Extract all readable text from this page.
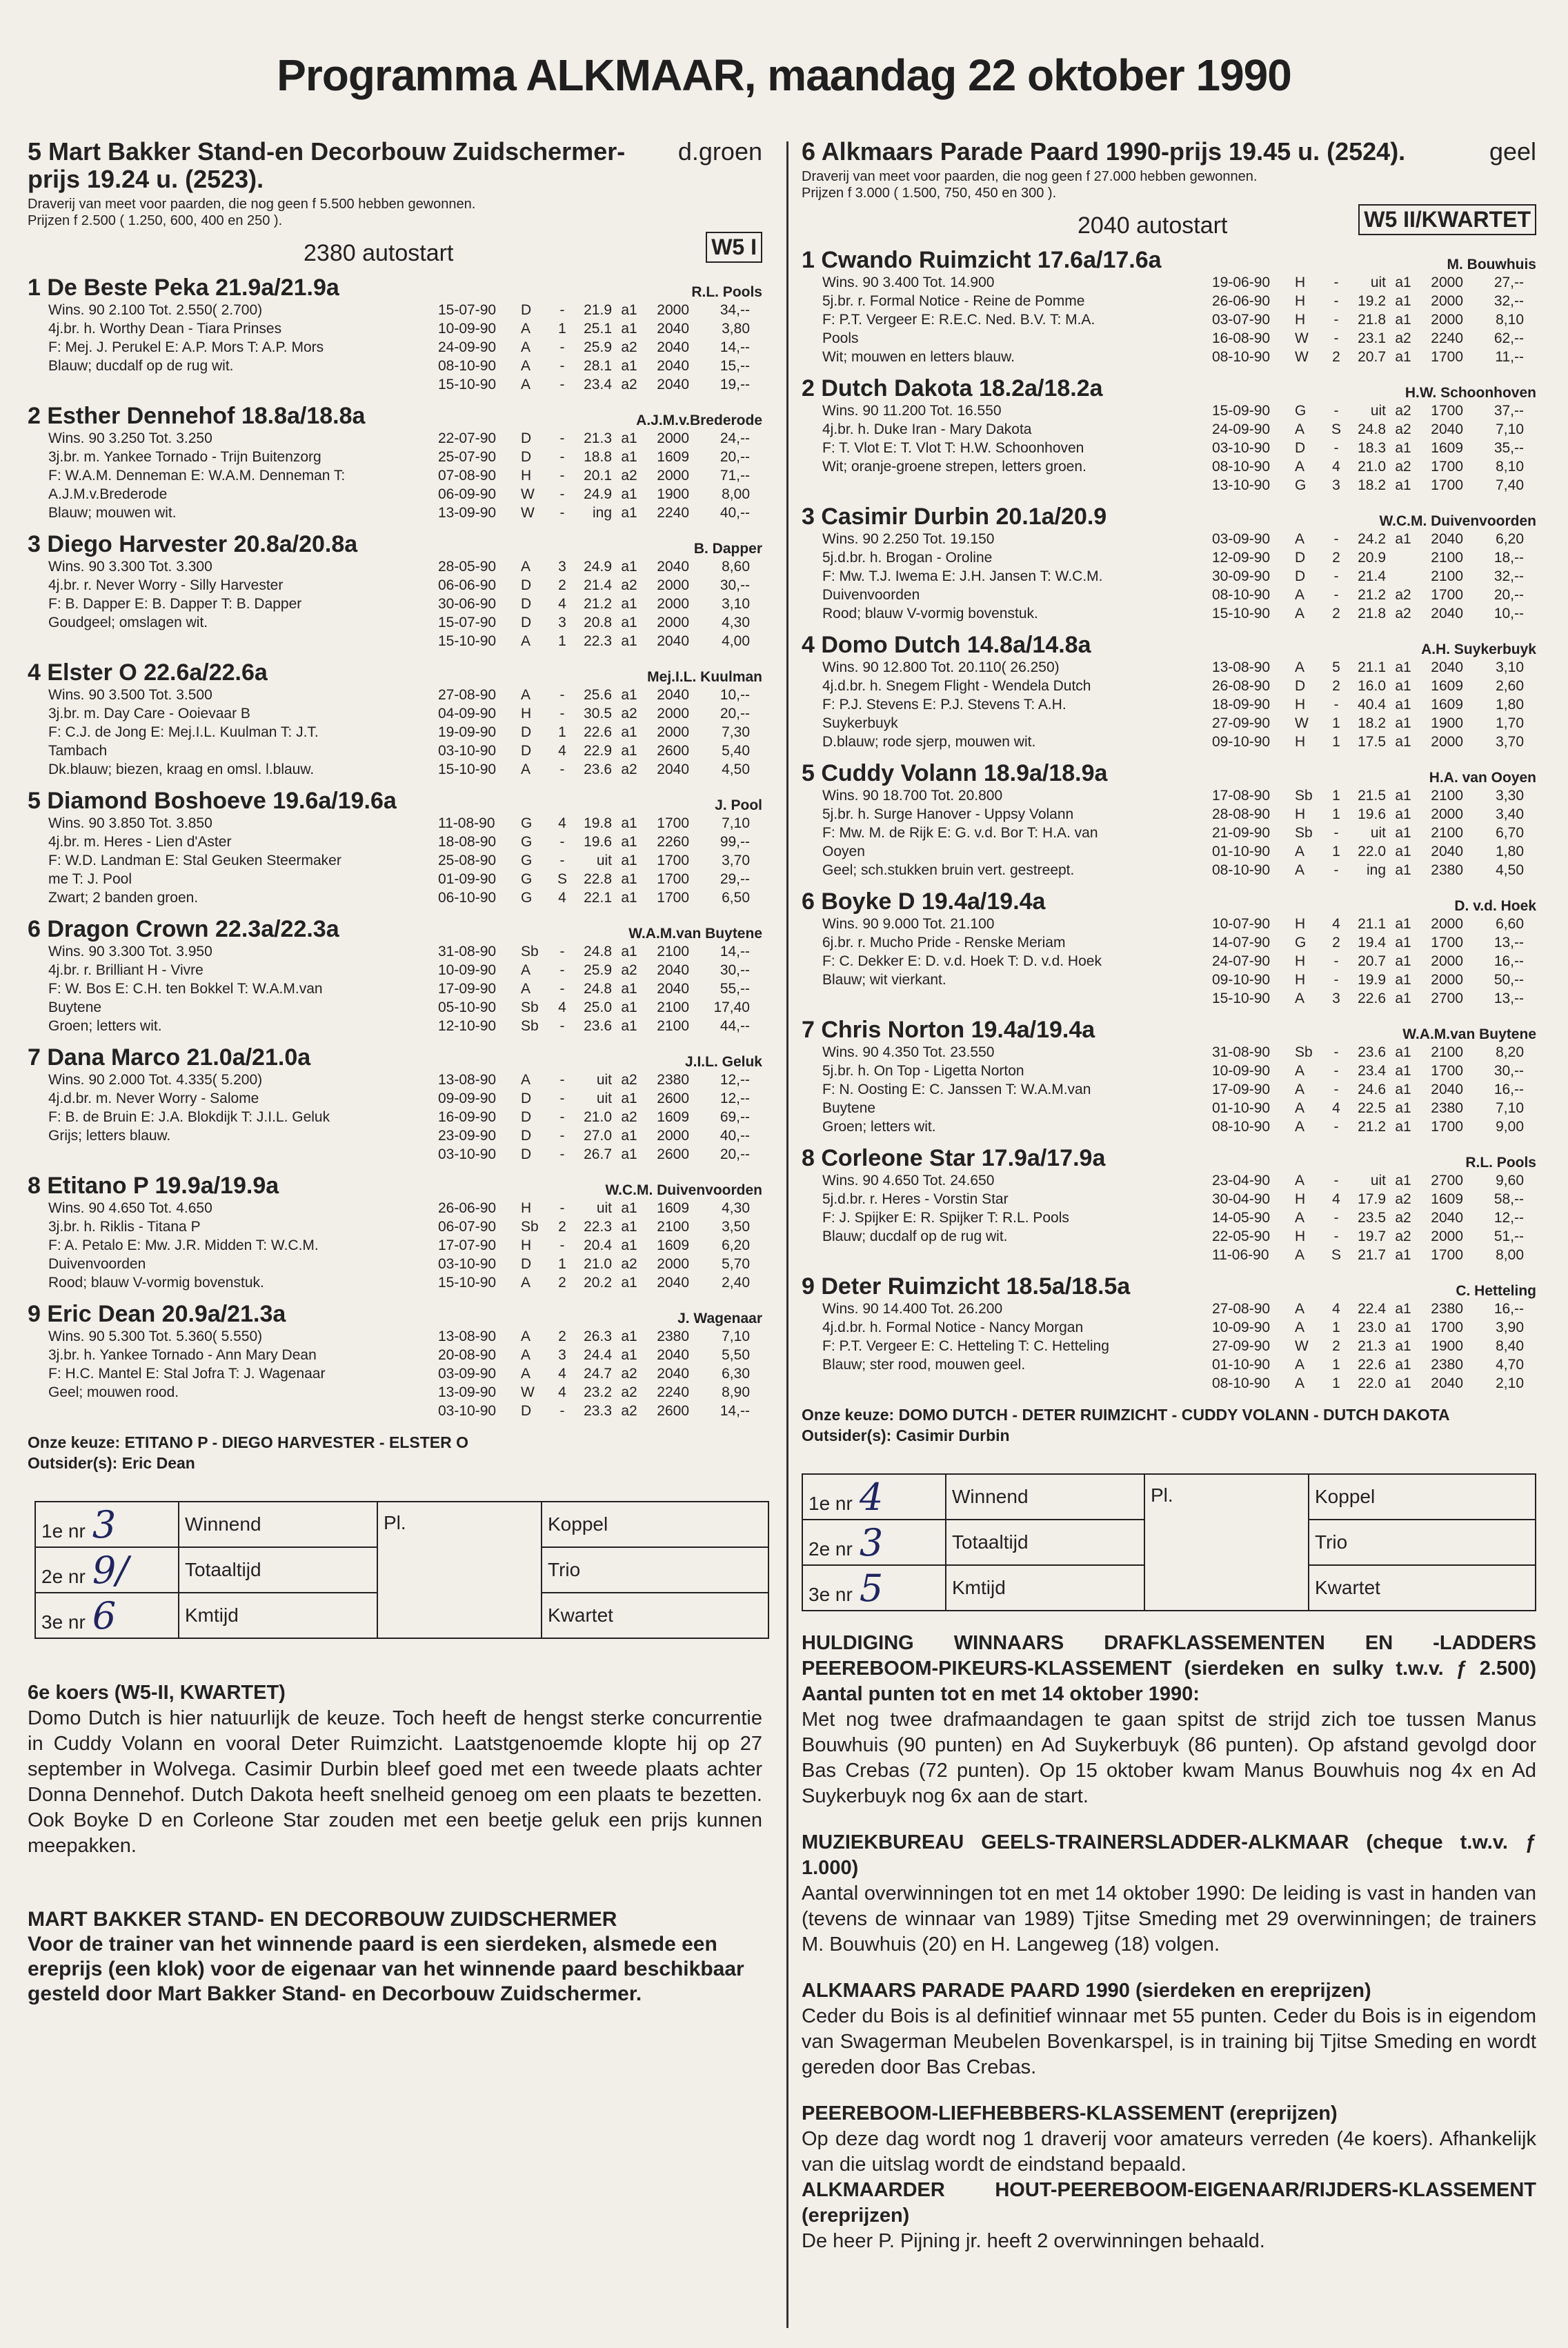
Programma ALKMAAR, maandag 22 oktober 1990
5 Mart Bakker Stand-en Decorbouw Zuidschermer-prijs 19.24 u. (2523).
d.groen
Draverij van meet voor paarden, die nog geen f 5.500 hebben gewonnen.
Prijzen f 2.500 ( 1.250, 600, 400 en 250 ).
2380 autostart	W5 I
1 De Beste Peka 21.9a/21.9a	R.L. Pools
Wins. 90 2.100 Tot. 2.550( 2.700)
4j.br. h. Worthy Dean - Tiara Prinses
F: Mej. J. Perukel E: A.P. Mors T: A.P. Mors
Blauw; ducdalf op de rug wit.
15-07-90	D	-	21.9 a1	2000	34,--
10-09-90	A	1	25.1 a1	2040	3,80
24-09-90	A	-	25.9 a2	2040	14,--
08-10-90	A	-	28.1 a1	2040	15,--
15-10-90	A	-	23.4 a2	2040	19,--
2 Esther Dennehof 18.8a/18.8a	A.J.M.v.Brederode
Wins. 90 3.250 Tot. 3.250
3j.br. m. Yankee Tornado - Trijn Buitenzorg
F: W.A.M. Denneman E: W.A.M. Denneman T:
A.J.M.v.Brederode
Blauw; mouwen wit.
22-07-90	D	-	21.3 a1	2000	24,--
25-07-90	D	-	18.8 a1	1609	20,--
07-08-90	H	-	20.1 a2	2000	71,--
06-09-90	W	-	24.9 a1	1900	8,00
13-09-90	W	-	ing a1	2240	40,--
3 Diego Harvester 20.8a/20.8a	B. Dapper
Wins. 90 3.300 Tot. 3.300
4j.br. r. Never Worry - Silly Harvester
F: B. Dapper E: B. Dapper T: B. Dapper
Goudgeel; omslagen wit.
28-05-90	A	3	24.9 a1	2040	8,60
06-06-90	D	2	21.4 a2	2000	30,--
30-06-90	D	4	21.2 a1	2000	3,10
15-07-90	D	3	20.8 a1	2000	4,30
15-10-90	A	1	22.3 a1	2040	4,00
4 Elster O 22.6a/22.6a	Mej.I.L. Kuulman
Wins. 90 3.500 Tot. 3.500
3j.br. m. Day Care - Ooievaar B
F: C.J. de Jong E: Mej.I.L. Kuulman T: J.T.
Tambach
Dk.blauw; biezen, kraag en omsl. l.blauw.
27-08-90	A	-	25.6 a1	2040	10,--
04-09-90	H	-	30.5 a2	2000	20,--
19-09-90	D	1	22.6 a1	2000	7,30
03-10-90	D	4	22.9 a1	2600	5,40
15-10-90	A	-	23.6 a2	2040	4,50
5 Diamond Boshoeve 19.6a/19.6a	J. Pool
Wins. 90 3.850 Tot. 3.850
4j.br. m. Heres - Lien d'Aster
F: W.D. Landman E: Stal Geuken Steermaker
me T: J. Pool
Zwart; 2 banden groen.
11-08-90	G	4	19.8 a1	1700	7,10
18-08-90	G	-	19.6 a1	2260	99,--
25-08-90	G	-	uit a1	1700	3,70
01-09-90	G	S	22.8 a1	1700	29,--
06-10-90	G	4	22.1 a1	1700	6,50
6 Dragon Crown 22.3a/22.3a	W.A.M.van Buytene
Wins. 90 3.300 Tot. 3.950
4j.br. r. Brilliant H - Vivre
F: W. Bos E: C.H. ten Bokkel T: W.A.M.van
Buytene
Groen; letters wit.
31-08-90	Sb	-	24.8 a1	2100	14,--
10-09-90	A	-	25.9 a2	2040	30,--
17-09-90	A	-	24.8 a1	2040	55,--
05-10-90	Sb	4	25.0 a1	2100	17,40
12-10-90	Sb	-	23.6 a1	2100	44,--
7 Dana Marco 21.0a/21.0a	J.I.L. Geluk
Wins. 90 2.000 Tot. 4.335( 5.200)
4j.d.br. m. Never Worry - Salome
F: B. de Bruin E: J.A. Blokdijk T: J.I.L. Geluk
Grijs; letters blauw.
13-08-90	A	-	uit a2	2380	12,--
09-09-90	D	-	uit a1	2600	12,--
16-09-90	D	-	21.0 a2	1609	69,--
23-09-90	D	-	27.0 a1	2000	40,--
03-10-90	D	-	26.7 a1	2600	20,--
8 Etitano P 19.9a/19.9a	W.C.M. Duivenvoorden
Wins. 90 4.650 Tot. 4.650
3j.br. h. Riklis - Titana P
F: A. Petalo E: Mw. J.R. Midden T: W.C.M.
Duivenvoorden
Rood; blauw V-vormig bovenstuk.
26-06-90	H	-	uit a1	1609	4,30
06-07-90	Sb	2	22.3 a1	2100	3,50
17-07-90	H	-	20.4 a1	1609	6,20
03-10-90	D	1	21.0 a2	2000	5,70
15-10-90	A	2	20.2 a1	2040	2,40
9 Eric Dean 20.9a/21.3a	J. Wagenaar
Wins. 90 5.300 Tot. 5.360( 5.550)
3j.br. h. Yankee Tornado - Ann Mary Dean
F: H.C. Mantel E: Stal Jofra T: J. Wagenaar
Geel; mouwen rood.
13-08-90	A	2	26.3 a1	2380	7,10
20-08-90	A	3	24.4 a1	2040	5,50
03-09-90	A	4	24.7 a2	2040	6,30
13-09-90	W	4	23.2 a2	2240	8,90
03-10-90	D	-	23.3 a2	2600	14,--
Onze keuze: ETITANO P - DIEGO HARVESTER - ELSTER O
Outsider(s): Eric Dean
1e nr 3	Winnend	Pl.	Koppel
2e nr 9/	Totaaltijd		Trio
3e nr 6	Kmtijd		Kwartet
6e koers (W5-II, KWARTET)
Domo Dutch is hier natuurlijk de keuze. Toch heeft de hengst sterke concurrentie in Cuddy Volann en vooral Deter Ruimzicht. Laatstgenoemde klopte hij op 27 september in Wolvega. Casimir Durbin bleef goed met een tweede plaats achter Donna Dennehof. Dutch Dakota heeft snelheid genoeg om een plaats te bezetten. Ook Boyke D en Corleone Star zouden met een beetje geluk een prijs kunnen meepakken.
MART BAKKER STAND- EN DECORBOUW ZUIDSCHERMER
Voor de trainer van het winnende paard is een sierdeken, alsmede een ereprijs (een klok) voor de eigenaar van het winnende paard beschikbaar gesteld door Mart Bakker Stand- en Decorbouw Zuidschermer.
6 Alkmaars Parade Paard 1990-prijs 19.45 u. (2524).	geel
Draverij van meet voor paarden, die nog geen f 27.000 hebben gewonnen.
Prijzen f 3.000 ( 1.500, 750, 450 en 300 ).
2040 autostart	W5 II/KWARTET
1 Cwando Ruimzicht 17.6a/17.6a	M. Bouwhuis
Wins. 90 3.400 Tot. 14.900
5j.br. r. Formal Notice - Reine de Pomme
F: P.T. Vergeer E: R.E.C. Ned. B.V. T: M.A.
Pools
Wit; mouwen en letters blauw.
19-06-90	H	-	uit a1	2000	27,--
26-06-90	H	-	19.2 a1	2000	32,--
03-07-90	H	-	21.8 a1	2000	8,10
16-08-90	W	-	23.1 a2	2240	62,--
08-10-90	W	2	20.7 a1	1700	11,--
2 Dutch Dakota 18.2a/18.2a	H.W. Schoonhoven
Wins. 90 11.200 Tot. 16.550
4j.br. h. Duke Iran - Mary Dakota
F: T. Vlot E: T. Vlot T: H.W. Schoonhoven
Wit; oranje-groene strepen, letters groen.
15-09-90	G	-	uit a2	1700	37,--
24-09-90	A	S	24.8 a2	2040	7,10
03-10-90	D	-	18.3 a1	1609	35,--
08-10-90	A	4	21.0 a2	1700	8,10
13-10-90	G	3	18.2 a1	1700	7,40
3 Casimir Durbin 20.1a/20.9	W.C.M. Duivenvoorden
Wins. 90 2.250 Tot. 19.150
5j.d.br. h. Brogan - Oroline
F: Mw. T.J. Iwema E: J.H. Jansen T: W.C.M.
Duivenvoorden
Rood; blauw V-vormig bovenstuk.
03-09-90	A	-	24.2 a1	2040	6,20
12-09-90	D	2	20.9	2100	18,--
30-09-90	D	-	21.4	2100	32,--
08-10-90	A	-	21.2 a2	1700	20,--
15-10-90	A	2	21.8 a2	2040	10,--
4 Domo Dutch 14.8a/14.8a	A.H. Suykerbuyk
Wins. 90 12.800 Tot. 20.110( 26.250)
4j.d.br. h. Snegem Flight - Wendela Dutch
F: P.J. Stevens E: P.J. Stevens T: A.H.
Suykerbuyk
D.blauw; rode sjerp, mouwen wit.
13-08-90	A	5	21.1 a1	2040	3,10
26-08-90	D	2	16.0 a1	1609	2,60
18-09-90	H	-	40.4 a1	1609	1,80
27-09-90	W	1	18.2 a1	1900	1,70
09-10-90	H	1	17.5 a1	2000	3,70
5 Cuddy Volann 18.9a/18.9a	H.A. van Ooyen
Wins. 90 18.700 Tot. 20.800
5j.br. h. Surge Hanover - Uppsy Volann
F: Mw. M. de Rijk E: G. v.d. Bor T: H.A. van
Ooyen
Geel; sch.stukken bruin vert. gestreept.
17-08-90	Sb	1	21.5 a1	2100	3,30
28-08-90	H	1	19.6 a1	2000	3,40
21-09-90	Sb	-	uit a1	2100	6,70
01-10-90	A	1	22.0 a1	2040	1,80
08-10-90	A	-	ing a1	2380	4,50
6 Boyke D 19.4a/19.4a	D. v.d. Hoek
Wins. 90 9.000 Tot. 21.100
6j.br. r. Mucho Pride - Renske Meriam
F: C. Dekker E: D. v.d. Hoek T: D. v.d. Hoek
Blauw; wit vierkant.
10-07-90	H	4	21.1 a1	2000	6,60
14-07-90	G	2	19.4 a1	1700	13,--
24-07-90	H	-	20.7 a1	2000	16,--
09-10-90	H	-	19.9 a1	2000	50,--
15-10-90	A	3	22.6 a1	2700	13,--
7 Chris Norton 19.4a/19.4a	W.A.M.van Buytene
Wins. 90 4.350 Tot. 23.550
5j.br. h. On Top - Ligetta Norton
F: N. Oosting E: C. Janssen T: W.A.M.van
Buytene
Groen; letters wit.
31-08-90	Sb	-	23.6 a1	2100	8,20
10-09-90	A	-	23.4 a1	1700	30,--
17-09-90	A	-	24.6 a1	2040	16,--
01-10-90	A	4	22.5 a1	2380	7,10
08-10-90	A	-	21.2 a1	1700	9,00
8 Corleone Star 17.9a/17.9a	R.L. Pools
Wins. 90 4.650 Tot. 24.650
5j.d.br. r. Heres - Vorstin Star
F: J. Spijker E: R. Spijker T: R.L. Pools
Blauw; ducdalf op de rug wit.
23-04-90	A	-	uit a1	2700	9,60
30-04-90	H	4	17.9 a2	1609	58,--
14-05-90	A	-	23.5 a2	2040	12,--
22-05-90	H	-	19.7 a2	2000	51,--
11-06-90	A	S	21.7 a1	1700	8,00
9 Deter Ruimzicht 18.5a/18.5a	C. Hetteling
Wins. 90 14.400 Tot. 26.200
4j.d.br. h. Formal Notice - Nancy Morgan
F: P.T. Vergeer E: C. Hetteling T: C. Hetteling
Blauw; ster rood, mouwen geel.
27-08-90	A	4	22.4 a1	2380	16,--
10-09-90	A	1	23.0 a1	1700	3,90
27-09-90	W	2	21.3 a1	1900	8,40
01-10-90	A	1	22.6 a1	2380	4,70
08-10-90	A	1	22.0 a1	2040	2,10
Onze keuze: DOMO DUTCH - DETER RUIMZICHT - CUDDY VOLANN - DUTCH DAKOTA
Outsider(s): Casimir Durbin
1e nr 4	Winnend	Pl.	Koppel
2e nr 3	Totaaltijd		Trio
3e nr 5	Kmtijd		Kwartet
HULDIGING WINNAARS DRAFKLASSEMENTEN EN -LADDERS PEEREBOOM-PIKEURS-KLASSEMENT (sierdeken en sulky t.w.v. ƒ 2.500) Aantal punten tot en met 14 oktober 1990:
Met nog twee drafmaandagen te gaan spitst de strijd zich toe tussen Manus Bouwhuis (90 punten) en Ad Suykerbuyk (86 punten). Op afstand gevolgd door Bas Crebas (72 punten). Op 15 oktober kwam Manus Bouwhuis nog 4x en Ad Suykerbuyk nog 6x aan de start.
MUZIEKBUREAU GEELS-TRAINERSLADDER-ALKMAAR (cheque t.w.v. ƒ 1.000)
Aantal overwinningen tot en met 14 oktober 1990: De leiding is vast in handen van (tevens de winnaar van 1989) Tjitse Smeding met 29 overwinningen; de trainers M. Bouwhuis (20) en H. Langeweg (18) volgen.
ALKMAARS PARADE PAARD 1990 (sierdeken en ereprijzen)
Ceder du Bois is al definitief winnaar met 55 punten. Ceder du Bois is in eigendom van Swagerman Meubelen Bovenkarspel, is in training bij Tjitse Smeding en wordt gereden door Bas Crebas.
PEEREBOOM-LIEFHEBBERS-KLASSEMENT (ereprijzen)
Op deze dag wordt nog 1 draverij voor amateurs verreden (4e koers). Afhankelijk van die uitslag wordt de eindstand bepaald.
ALKMAARDER HOUT-PEEREBOOM-EIGENAAR/RIJDERS-KLASSEMENT (ereprijzen)
De heer P. Pijning jr. heeft 2 overwinningen behaald.
